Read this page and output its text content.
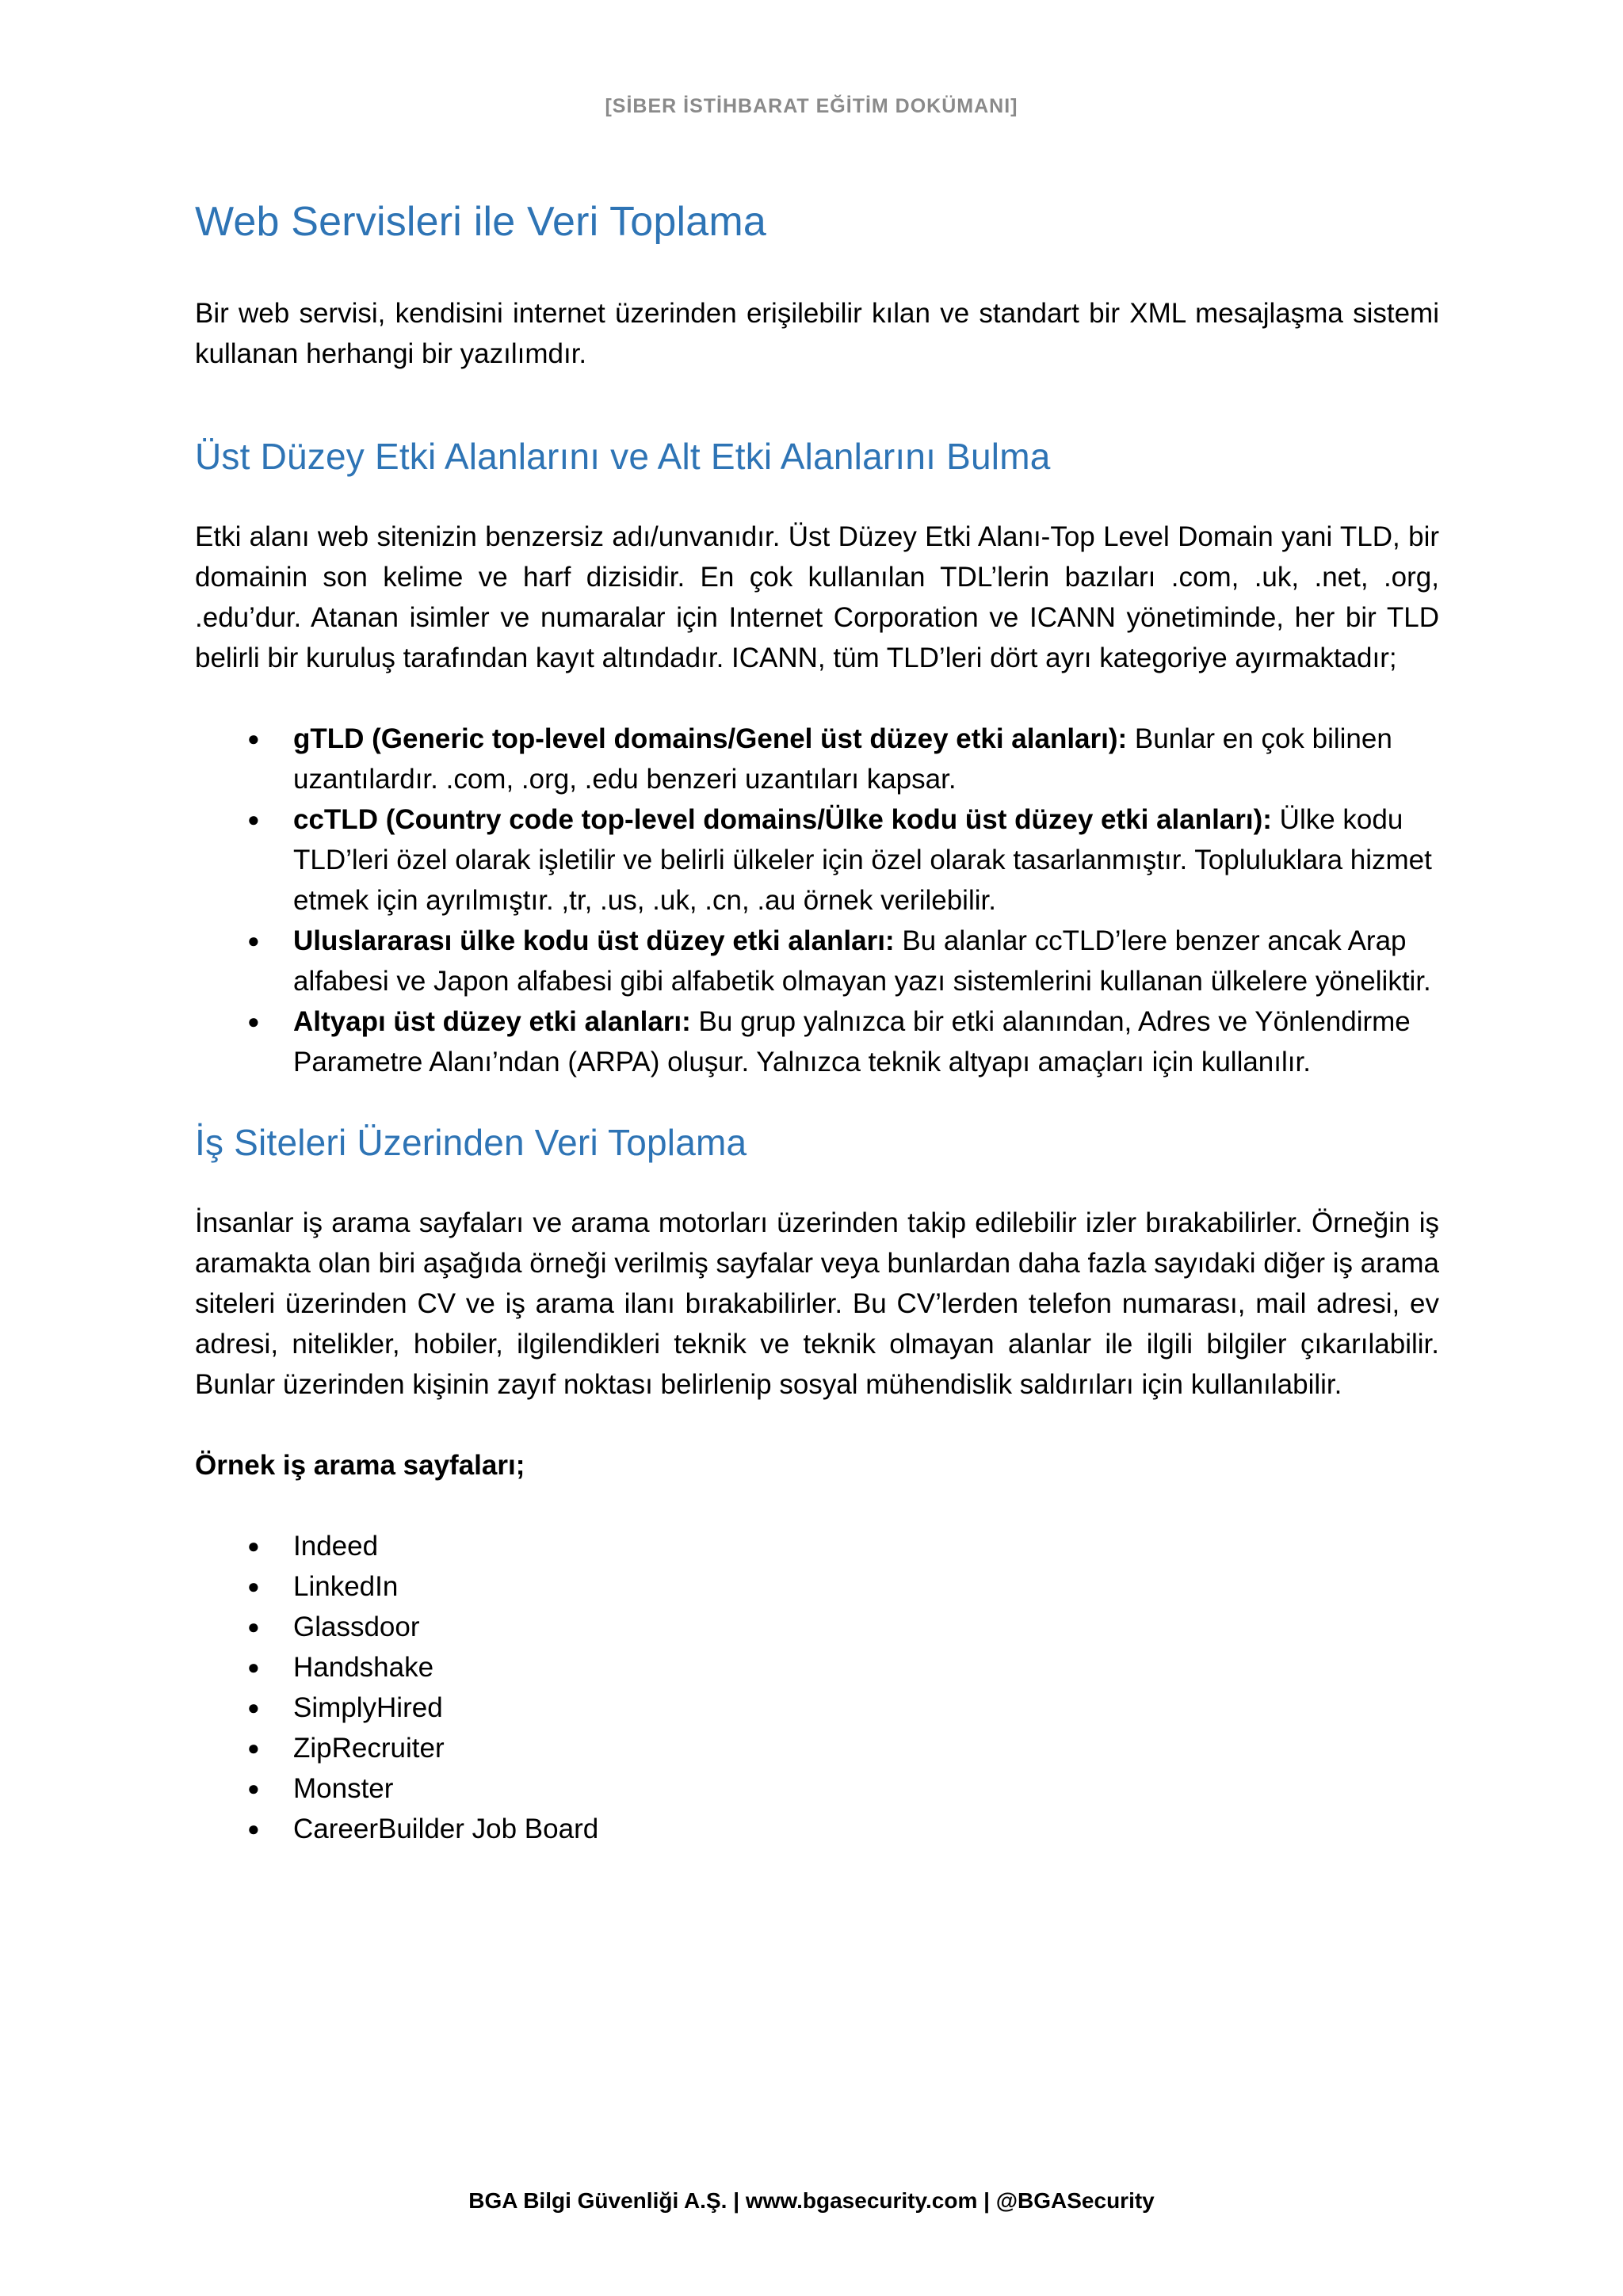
[SİBER İSTİHBARAT EĞİTİM DOKÜMANI]
Web Servisleri ile Veri Toplama

Bir web servisi, kendisini internet üzerinden erişilebilir kılan ve standart bir XML mesajlaşma sistemi kullanan herhangi bir yazılımdır.

Üst Düzey Etki Alanlarını ve Alt Etki Alanlarını Bulma

Etki alanı web sitenizin benzersiz adı/unvanıdır. Üst Düzey Etki Alanı-Top Level Domain yani TLD, bir domainin son kelime ve harf dizisidir. En çok kullanılan TDL’lerin bazıları .com, .uk, .net, .org, .edu’dur. Atanan isimler ve numaralar için Internet Corporation ve ICANN yönetiminde, her bir TLD belirli bir kuruluş tarafından kayıt altındadır. ICANN, tüm TLD’leri dört ayrı kategoriye ayırmaktadır;

● gTLD (Generic top-level domains/Genel üst düzey etki alanları): Bunlar en çok bilinen uzantılardır. .com, .org, .edu benzeri uzantıları kapsar.
● ccTLD (Country code top-level domains/Ülke kodu üst düzey etki alanları): Ülke kodu TLD’leri özel olarak işletilir ve belirli ülkeler için özel olarak tasarlanmıştır. Topluluklara hizmet etmek için ayrılmıştır. ,tr, .us, .uk, .cn, .au örnek verilebilir.
● Uluslararası ülke kodu üst düzey etki alanları: Bu alanlar ccTLD’lere benzer ancak Arap alfabesi ve Japon alfabesi gibi alfabetik olmayan yazı sistemlerini kullanan ülkelere yöneliktir.
● Altyapı üst düzey etki alanları: Bu grup yalnızca bir etki alanından, Adres ve Yönlendirme Parametre Alanı’ndan (ARPA) oluşur. Yalnızca teknik altyapı amaçları için kullanılır.
İş Siteleri Üzerinden Veri Toplama

İnsanlar iş arama sayfaları ve arama motorları üzerinden takip edilebilir izler bırakabilirler. Örneğin iş aramakta olan biri aşağıda örneği verilmiş sayfalar veya bunlardan daha fazla sayıdaki diğer iş arama siteleri üzerinden CV ve iş arama ilanı bırakabilirler. Bu CV’lerden telefon numarası, mail adresi, ev adresi, nitelikler, hobiler, ilgilendikleri teknik ve teknik olmayan alanlar ile ilgili bilgiler çıkarılabilir. Bunlar üzerinden kişinin zayıf noktası belirlenip sosyal mühendislik saldırıları için kullanılabilir.

Örnek iş arama sayfaları;

● Indeed
● LinkedIn
● Glassdoor
● Handshake
● SimplyHired
● ZipRecruiter
● Monster
● CareerBuilder Job Board
BGA Bilgi Güvenliği A.Ş. | www.bgasecurity.com | @BGASecurity
